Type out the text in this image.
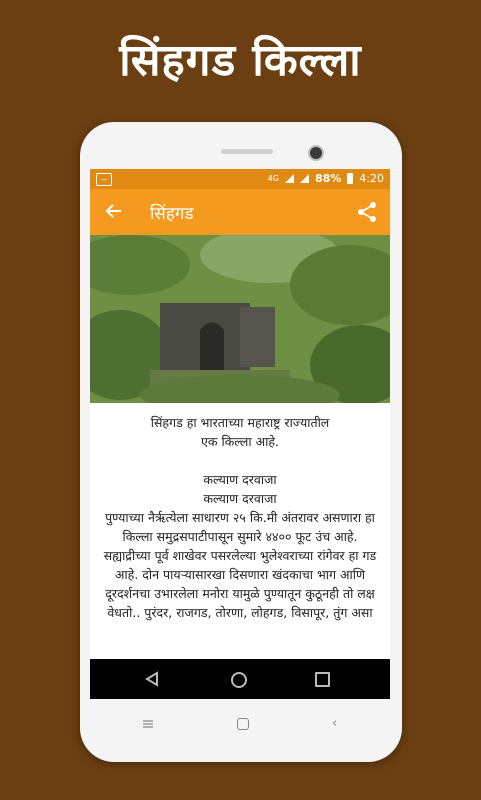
सिंहगड किल्ला
~	4G	88% 4:20
सिंहगड

सिंहगड हा भारताच्या महाराष्ट्र राज्यातील

एक किल्ला आहे.

कल्याण दरवाजा

कल्याण दरवाजा

पुण्याच्या नैर्ऋत्येला साधारण २५ कि.मी अंतरावर असणारा हा किल्ला समुद्रसपाटीपासून सुमारे ४४०० फूट उंच आहे. सह्याद्रीच्या पूर्व शाखेवर पसरलेल्या भुलेश्वराच्या रांगेवर हा गड आहे. दोन पायऱ्यासारखा दिसणारा खंदकाचा भाग आणि दूरदर्शनचा उभारलेला मनोरा यामुळे पुण्यातून कुठूनही तो लक्ष वेधतो.. पुरंदर, राजगड, तोरणा, लोहगड, विसापूर, तुंग असा

‹
